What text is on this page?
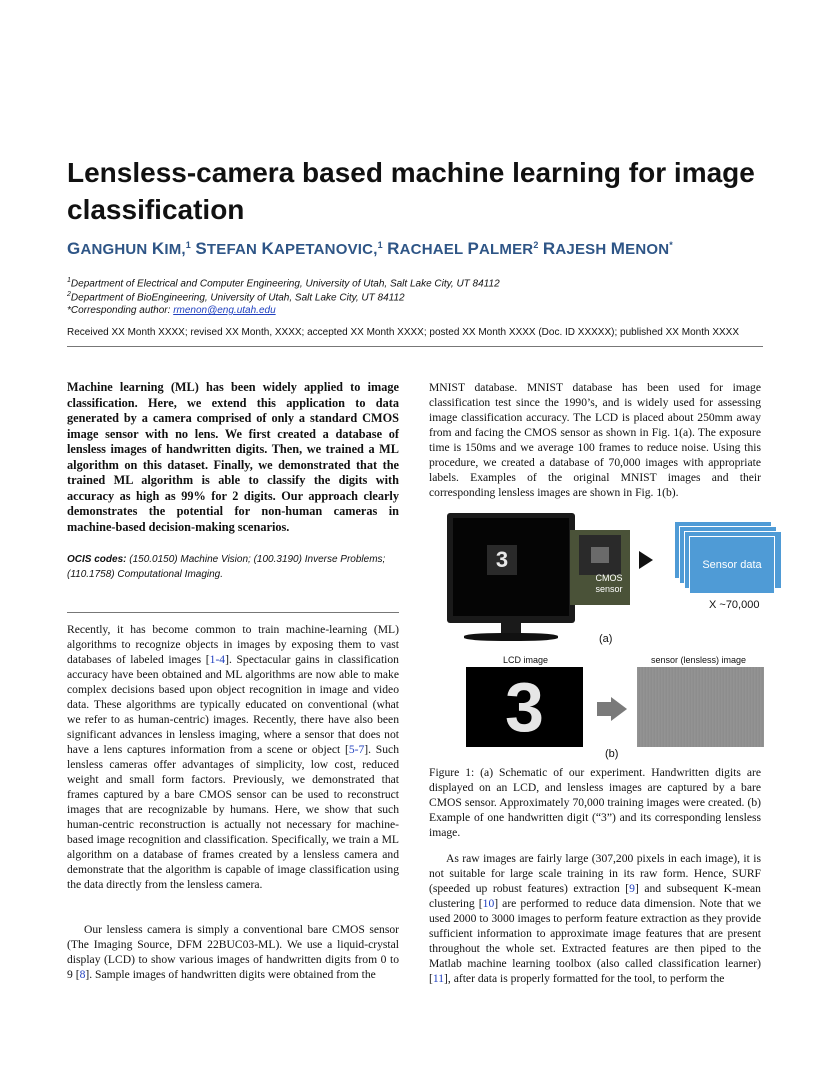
Lensless-camera based machine learning for image classification
GANGHUN KIM,$^1$ STEFAN KAPETANOVIC,$^1$ RACHAEL PALMER$^2$ RAJESH MENON*
$^1$Department of Electrical and Computer Engineering, University of Utah, Salt Lake City, UT 84112
$^2$Department of BioEngineering, University of Utah, Salt Lake City, UT 84112
*Corresponding author: rmenon@eng.utah.edu
Received XX Month XXXX; revised XX Month, XXXX; accepted XX Month XXXX; posted XX Month XXXX (Doc. ID XXXXX); published XX Month XXXX
Machine learning (ML) has been widely applied to image classification. Here, we extend this application to data generated by a camera comprised of only a standard CMOS image sensor with no lens. We first created a database of lensless images of handwritten digits. Then, we trained a ML algorithm on this dataset. Finally, we demonstrated that the trained ML algorithm is able to classify the digits with accuracy as high as 99% for 2 digits. Our approach clearly demonstrates the potential for non-human cameras in machine-based decision-making scenarios.
OCIS codes: (150.0150) Machine Vision; (100.3190) Inverse Problems; (110.1758) Computational Imaging.

Recently, it has become common to train machine-learning (ML) algorithms to recognize objects in images by exposing them to vast databases of labeled images [1-4]. Spectacular gains in classification accuracy have been obtained and ML algorithms are now able to make complex decisions based upon object recognition in image and video data. These algorithms are typically educated on conventional (what we refer to as human-centric) images. Recently, there have also been significant advances in lensless imaging, where a sensor that does not have a lens captures information from a scene or object [5-7]. Such lensless cameras offer advantages of simplicity, low cost, reduced weight and small form factors. Previously, we demonstrated that frames captured by a bare CMOS sensor can be used to reconstruct images that are recognizable by humans. Here, we show that such human-centric reconstruction is actually not necessary for machine-based image recognition and classification. Specifically, we train a ML algorithm on a database of frames created by a lensless camera and demonstrate that the algorithm is capable of image classification using the data directly from the lensless camera.

Our lensless camera is simply a conventional bare CMOS sensor (The Imaging Source, DFM 22BUC03-ML). We use a liquid-crystal display (LCD) to show various images of handwritten digits from 0 to 9 [8]. Sample images of handwritten digits were obtained from the

MNIST database. MNIST database has been used for image classification test since the 1990’s, and is widely used for assessing image classification accuracy. The LCD is placed about 250mm away from and facing the CMOS sensor as shown in Fig. 1(a). The exposure time is 150ms and we average 100 frames to reduce noise. Using this procedure, we created a database of 70,000 images with appropriate labels. Examples of the original MNIST images and their corresponding lensless images are shown in Fig. 1(b).

3
CMOS
sensor
Sensor data
X ~70,000
(a)
LCD image	sensor (lensless) image
3
(b)

Figure 1: (a) Schematic of our experiment. Handwritten digits are displayed on an LCD, and lensless images are captured by a bare CMOS sensor. Approximately 70,000 training images were created. (b) Example of one handwritten digit (“3”) and its corresponding lensless image.

As raw images are fairly large (307,200 pixels in each image), it is not suitable for large scale training in its raw form. Hence, SURF (speeded up robust features) extraction [9] and subsequent K-mean clustering [10] are performed to reduce data dimension. Note that we used 2000 to 3000 images to perform feature extraction as they provide sufficient information to approximate image features that are present throughout the whole set. Extracted features are then piped to the Matlab machine learning toolbox (also called classification learner) [11], after data is properly formatted for the tool, to perform the
